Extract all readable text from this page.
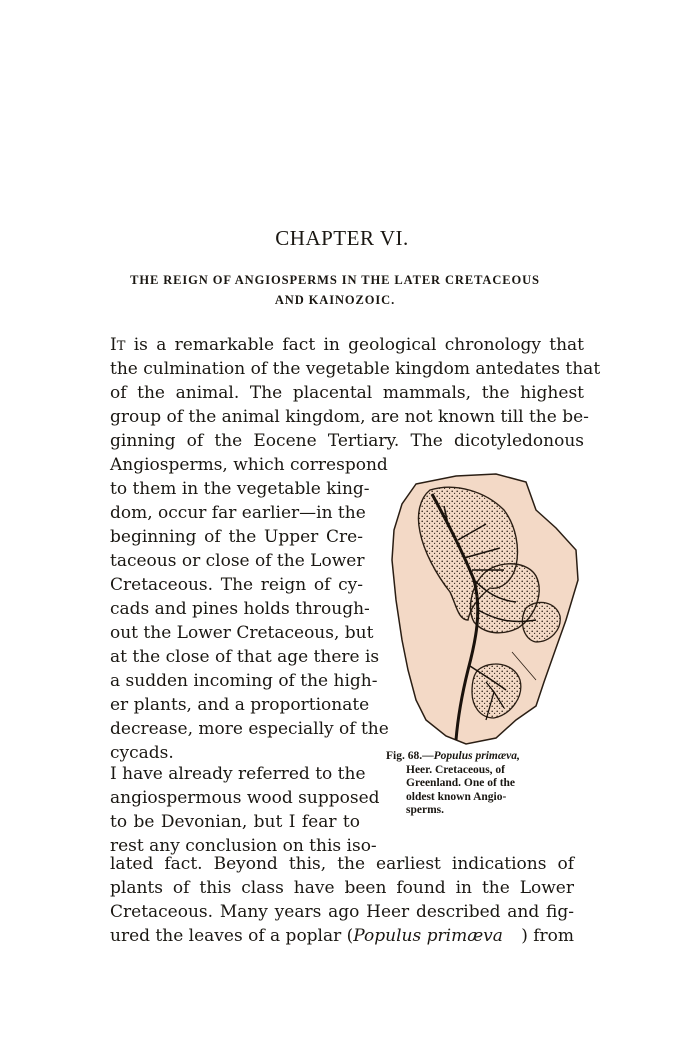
CHAPTER VI.
THE REIGN OF ANGIOSPERMS IN THE LATER CRETACEOUS
AND KAINOZOIC.
IT is a remarkable fact in geological chronology that
the culmination of the vegetable kingdom antedates that
of the animal. The placental mammals, the highest
group of the animal kingdom, are not known till the be-
ginning of the Eocene Tertiary. The dicotyledonous
Angiosperms, which correspond
to them in the vegetable king-
dom, occur far earlier—in the
beginning of the Upper Cre-
taceous or close of the Lower
Cretaceous. The reign of cy-
cads and pines holds through-
out the Lower Cretaceous, but
at the close of that age there is
a sudden incoming of the high-
er plants, and a proportionate
decrease, more especially of the
cycads.
I have already referred to the
angiospermous wood supposed
to be Devonian, but I fear to
rest any conclusion on this iso-
lated fact. Beyond this, the earliest indications of
plants of this class have been found in the Lower
Cretaceous. Many years ago Heer described and fig-
ured the leaves of a poplar ( Populus primæva ) from
Fig. 68.—Populus primæva,
Heer. Cretaceous, of
Greenland. One of the
oldest known Angio-
sperms.
